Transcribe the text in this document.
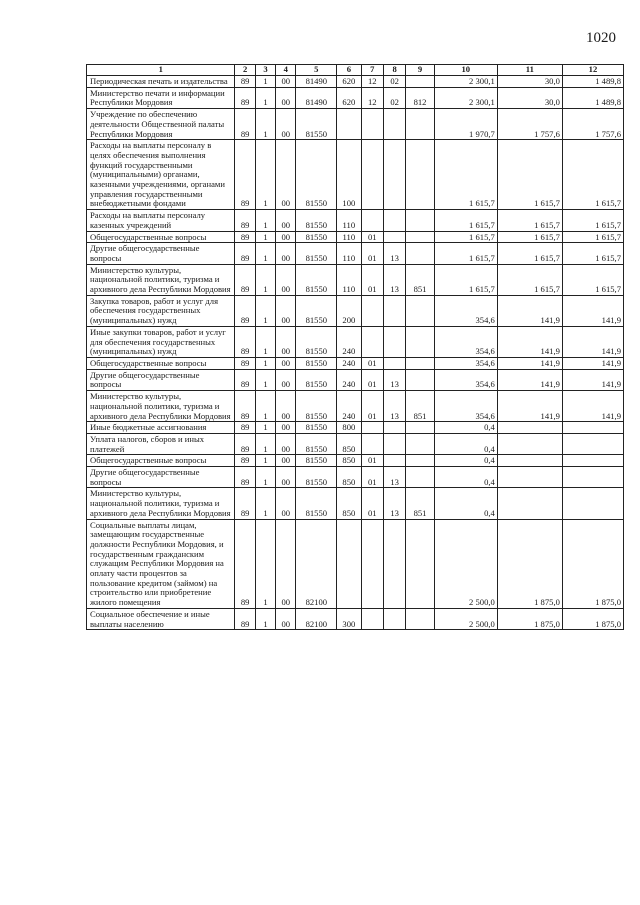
1020
1	2	3	4	5	6	7	8	9	10	11	12
Периодическая печать и издательства	89	1	00	81490	620	12	02		2 300,1	30,0	1 489,8
Министерство печати и информации Республики Мордовия	89	1	00	81490	620	12	02	812	2 300,1	30,0	1 489,8
Учреждение по обеспечению деятельности Общественной палаты Республики Мордовия	89	1	00	81550					1 970,7	1 757,6	1 757,6
Расходы на выплаты персоналу в целях обеспечения выполнения функций государственными (муниципальными) органами, казенными учреждениями, органами управления государственными внебюджетными фондами	89	1	00	81550	100				1 615,7	1 615,7	1 615,7
Расходы на выплаты персоналу казенных учреждений	89	1	00	81550	110				1 615,7	1 615,7	1 615,7
Общегосударственные вопросы	89	1	00	81550	110	01			1 615,7	1 615,7	1 615,7
Другие общегосударственные вопросы	89	1	00	81550	110	01	13		1 615,7	1 615,7	1 615,7
Министерство культуры, национальной политики, туризма и архивного дела Республики Мордовия	89	1	00	81550	110	01	13	851	1 615,7	1 615,7	1 615,7
Закупка товаров, работ и услуг для обеспечения государственных (муниципальных) нужд	89	1	00	81550	200				354,6	141,9	141,9
Иные закупки товаров, работ и услуг для обеспечения государственных (муниципальных) нужд	89	1	00	81550	240				354,6	141,9	141,9
Общегосударственные вопросы	89	1	00	81550	240	01			354,6	141,9	141,9
Другие общегосударственные вопросы	89	1	00	81550	240	01	13		354,6	141,9	141,9
Министерство культуры, национальной политики, туризма и архивного дела Республики Мордовия	89	1	00	81550	240	01	13	851	354,6	141,9	141,9
Иные бюджетные ассигнования	89	1	00	81550	800				0,4		
Уплата налогов, сборов и иных платежей	89	1	00	81550	850				0,4		
Общегосударственные вопросы	89	1	00	81550	850	01			0,4		
Другие общегосударственные вопросы	89	1	00	81550	850	01	13		0,4		
Министерство культуры, национальной политики, туризма и архивного дела Республики Мордовия	89	1	00	81550	850	01	13	851	0,4		
Социальные выплаты лицам, замещающим государственные должности Республики Мордовия, и государственным гражданским служащим Республики Мордовия на оплату части процентов за пользование кредитом (займом) на строительство или приобретение жилого помещения	89	1	00	82100					2 500,0	1 875,0	1 875,0
Социальное обеспечение и иные выплаты населению	89	1	00	82100	300				2 500,0	1 875,0	1 875,0
